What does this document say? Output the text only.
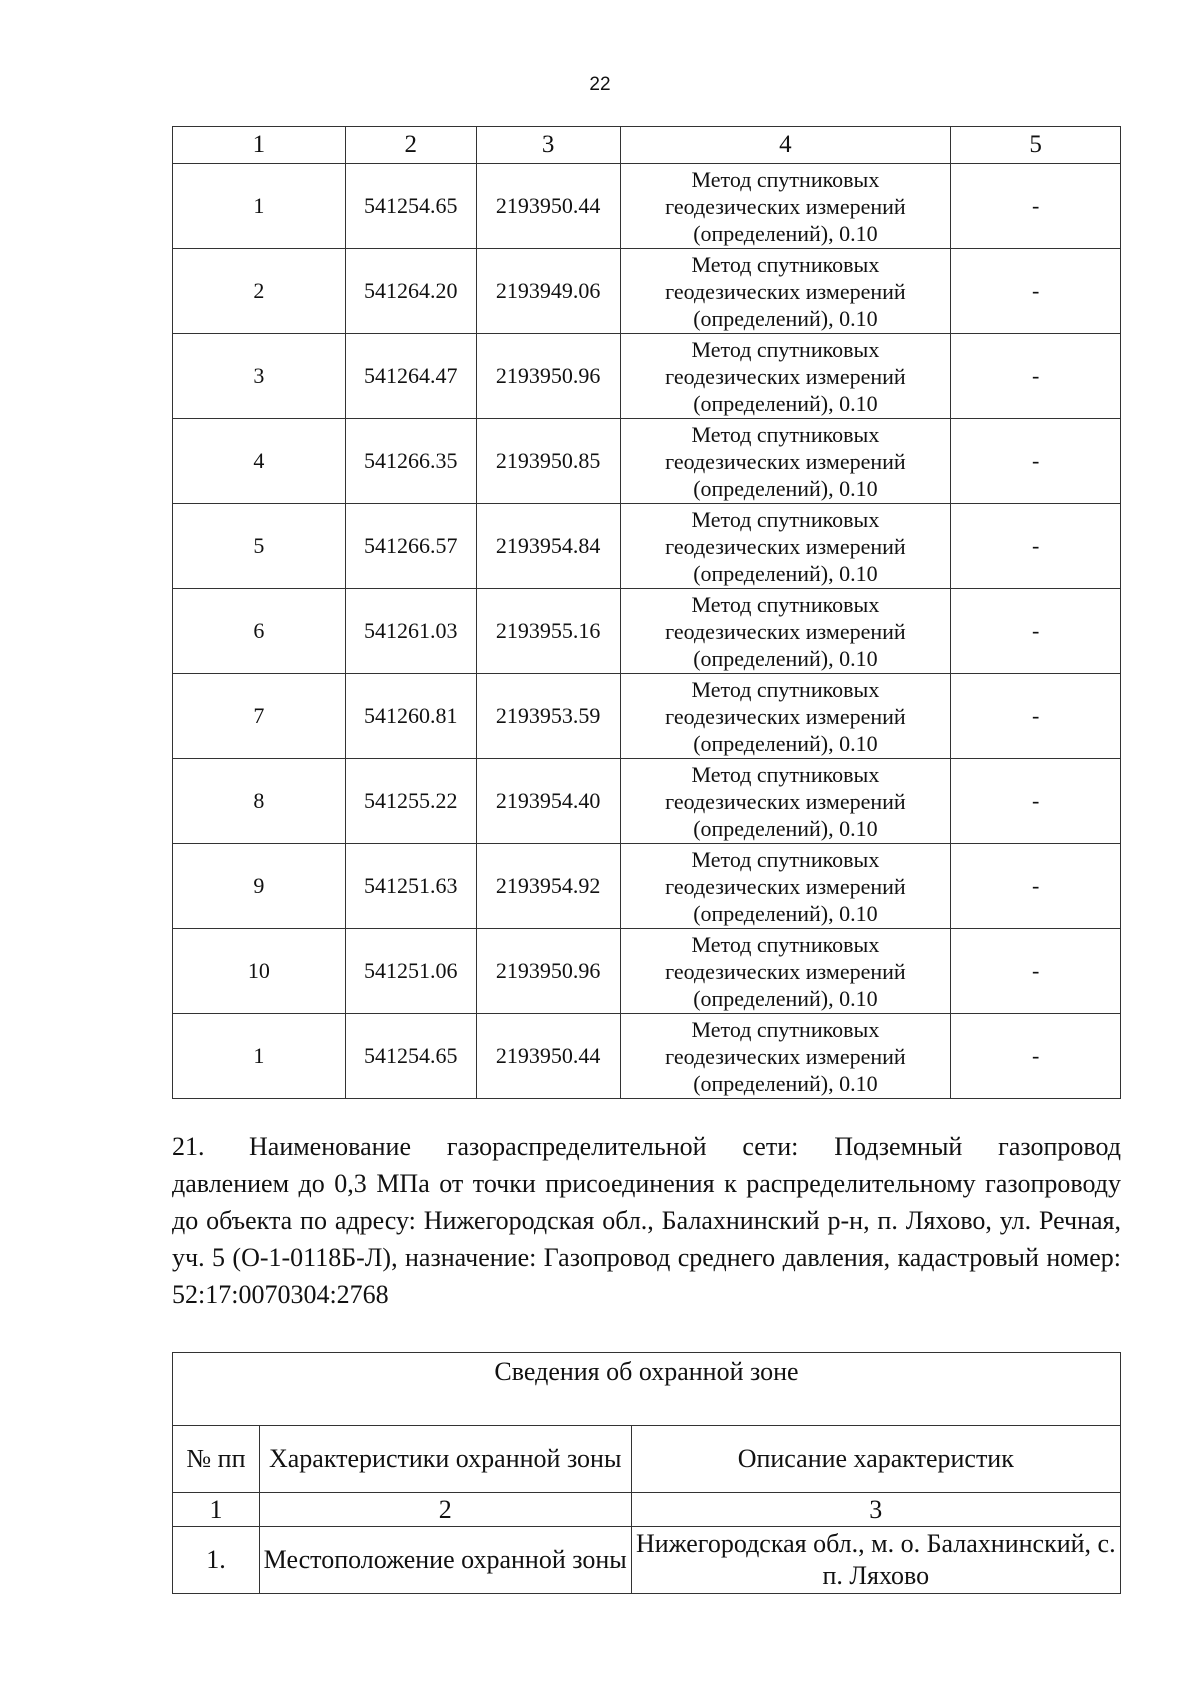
22
1	2	3	4	5
1	541254.65	2193950.44	Метод спутниковых
геодезических измерений
(определений), 0.10	-
2	541264.20	2193949.06	Метод спутниковых
геодезических измерений
(определений), 0.10	-
3	541264.47	2193950.96	Метод спутниковых
геодезических измерений
(определений), 0.10	-
4	541266.35	2193950.85	Метод спутниковых
геодезических измерений
(определений), 0.10	-
5	541266.57	2193954.84	Метод спутниковых
геодезических измерений
(определений), 0.10	-
6	541261.03	2193955.16	Метод спутниковых
геодезических измерений
(определений), 0.10	-
7	541260.81	2193953.59	Метод спутниковых
геодезических измерений
(определений), 0.10	-
8	541255.22	2193954.40	Метод спутниковых
геодезических измерений
(определений), 0.10	-
9	541251.63	2193954.92	Метод спутниковых
геодезических измерений
(определений), 0.10	-
10	541251.06	2193950.96	Метод спутниковых
геодезических измерений
(определений), 0.10	-
1	541254.65	2193950.44	Метод спутниковых
геодезических измерений
(определений), 0.10	-

21. Наименование газораспределительной сети: Подземный газопровод давлением до 0,3 МПа от точки присоединения к распределительному газопроводу до объекта по адресу: Нижегородская обл., Балахнинский р-н, п. Ляхово, ул. Речная, уч. 5 (О-1-0118Б-Л), назначение: Газопровод среднего давления, кадастровый номер: 52:17:0070304:2768

Сведения об охранной зоне		
№ пп	Характеристики охранной зоны	Описание характеристик
1	2	3
1.	Местоположение охранной зоны	Нижегородская обл., м. о. Балахнинский, с. п. Ляхово
